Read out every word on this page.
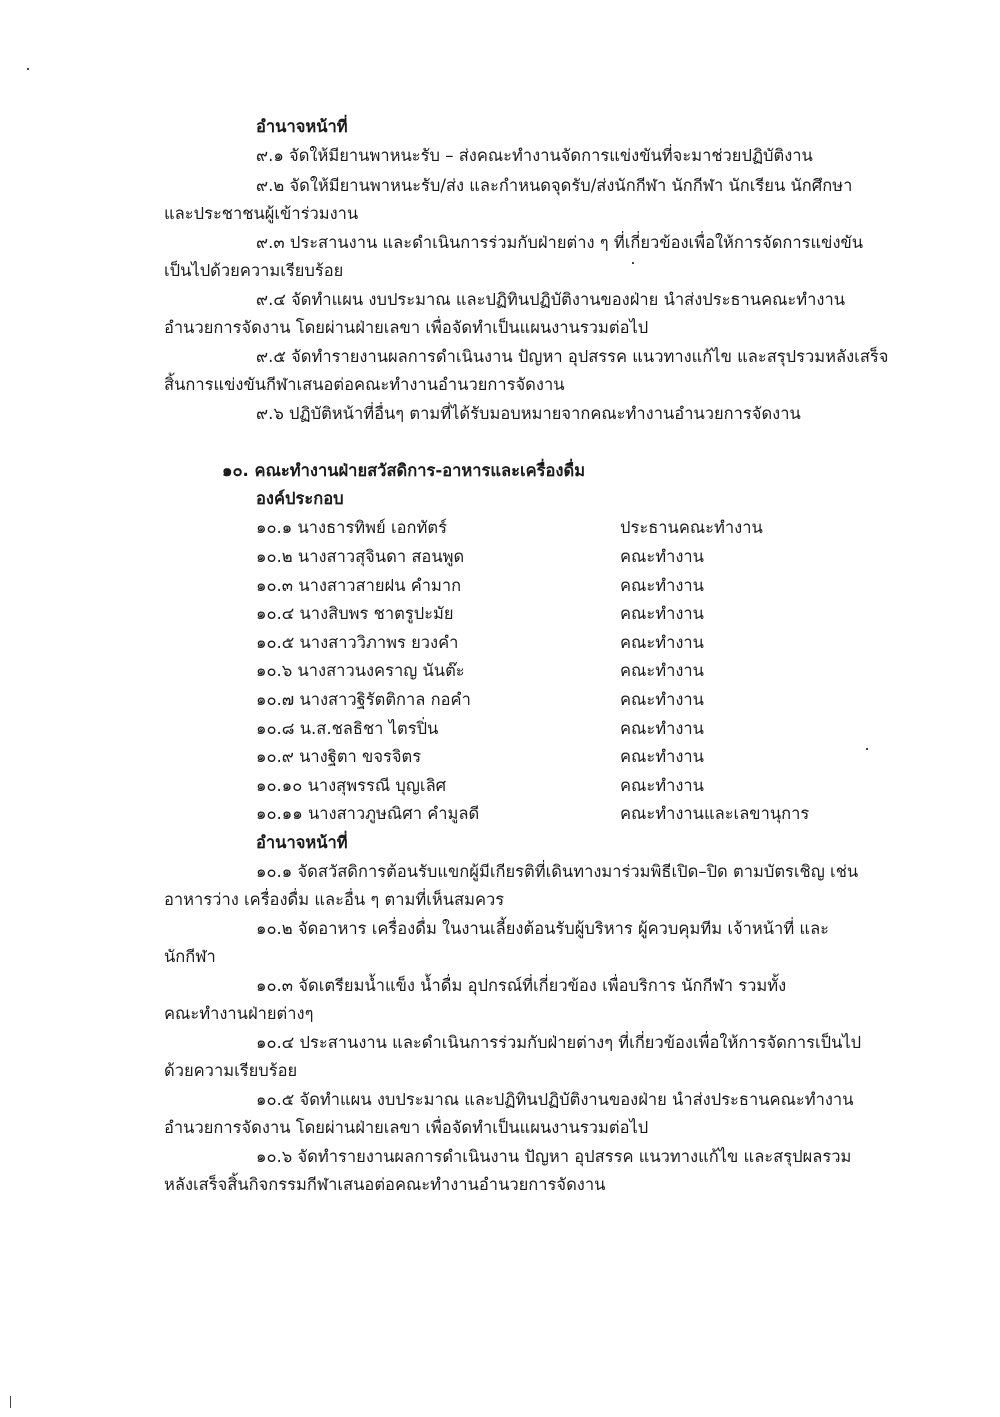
อำนาจหน้าที่
๙.๑ จัดให้มียานพาหนะรับ – ส่งคณะทำงานจัดการแข่งขันที่จะมาช่วยปฏิบัติงาน
๙.๒ จัดให้มียานพาหนะรับ/ส่ง และกำหนดจุดรับ/ส่งนักกีฬา นักกีฬา นักเรียน นักศึกษา
และประชาชนผู้เข้าร่วมงาน
๙.๓ ประสานงาน และดำเนินการร่วมกับฝ่ายต่าง ๆ ที่เกี่ยวข้องเพื่อให้การจัดการแข่งขัน
เป็นไปด้วยความเรียบร้อย
๙.๔ จัดทำแผน งบประมาณ และปฏิทินปฏิบัติงานของฝ่าย นำส่งประธานคณะทำงาน
อำนวยการจัดงาน โดยผ่านฝ่ายเลขา เพื่อจัดทำเป็นแผนงานรวมต่อไป
๙.๕ จัดทำรายงานผลการดำเนินงาน ปัญหา อุปสรรค แนวทางแก้ไข และสรุปรวมหลังเสร็จ
สิ้นการแข่งขันกีฬาเสนอต่อคณะทำงานอำนวยการจัดงาน
๙.๖ ปฏิบัติหน้าที่อื่นๆ ตามที่ได้รับมอบหมายจากคณะทำงานอำนวยการจัดงาน
๑๐. คณะทำงานฝ่ายสวัสดิการ-อาหารและเครื่องดื่ม
องค์ประกอบ
๑๐.๑ นางธารทิพย์ เอกทัตร์	ประธานคณะทำงาน
๑๐.๒ นางสาวสุจินดา สอนพูด	คณะทำงาน
๑๐.๓ นางสาวสายฝน คำมาก	คณะทำงาน
๑๐.๔ นางสิบพร ชาตรูปะมัย	คณะทำงาน
๑๐.๕ นางสาววิภาพร ยวงคำ	คณะทำงาน
๑๐.๖ นางสาวนงคราญ นันต๊ะ	คณะทำงาน
๑๐.๗ นางสาวฐิรัตติกาล กอคำ	คณะทำงาน
๑๐.๘ น.ส.ชลธิชา ไตรปิ่น	คณะทำงาน
๑๐.๙ นางฐิตา ขจรจิตร	คณะทำงาน
๑๐.๑๐ นางสุพรรณี บุญเลิศ	คณะทำงาน
๑๐.๑๑ นางสาวภูษณิศา คำมูลดี	คณะทำงานและเลขานุการ
อำนาจหน้าที่
๑๐.๑ จัดสวัสดิการต้อนรับแขกผู้มีเกียรติที่เดินทางมาร่วมพิธีเปิด–ปิด ตามบัตรเชิญ เช่น
อาหารว่าง เครื่องดื่ม และอื่น ๆ ตามที่เห็นสมควร
๑๐.๒ จัดอาหาร เครื่องดื่ม ในงานเลี้ยงต้อนรับผู้บริหาร ผู้ควบคุมทีม เจ้าหน้าที่ และ
นักกีฬา
๑๐.๓ จัดเตรียมน้ำแข็ง น้ำดื่ม อุปกรณ์ที่เกี่ยวข้อง เพื่อบริการ นักกีฬา รวมทั้ง
คณะทำงานฝ่ายต่างๆ
๑๐.๔ ประสานงาน และดำเนินการร่วมกับฝ่ายต่างๆ ที่เกี่ยวข้องเพื่อให้การจัดการเป็นไป
ด้วยความเรียบร้อย
๑๐.๕ จัดทำแผน งบประมาณ และปฏิทินปฏิบัติงานของฝ่าย นำส่งประธานคณะทำงาน
อำนวยการจัดงาน โดยผ่านฝ่ายเลขา เพื่อจัดทำเป็นแผนงานรวมต่อไป
๑๐.๖ จัดทำรายงานผลการดำเนินงาน ปัญหา อุปสรรค แนวทางแก้ไข และสรุปผลรวม
หลังเสร็จสิ้นกิจกรรมกีฬาเสนอต่อคณะทำงานอำนวยการจัดงาน
